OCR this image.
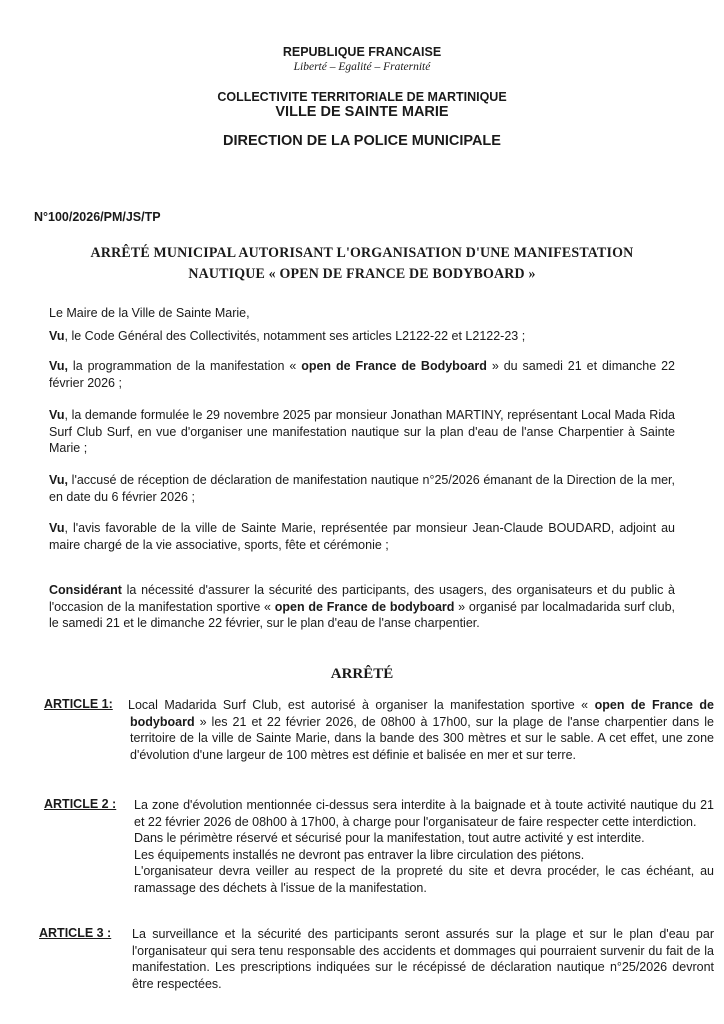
REPUBLIQUE FRANCAISE
Liberté – Egalité – Fraternité
COLLECTIVITE TERRITORIALE DE MARTINIQUE
VILLE DE SAINTE MARIE
DIRECTION DE LA POLICE MUNICIPALE
N°100/2026/PM/JS/TP
ARRÊTÉ MUNICIPAL AUTORISANT L'ORGANISATION D'UNE MANIFESTATION
NAUTIQUE « OPEN DE FRANCE DE BODYBOARD »
Le Maire de la Ville de Sainte Marie,
Vu, le Code Général des Collectivités, notamment ses articles L2122-22 et L2122-23 ;
Vu, la programmation de la manifestation « open de France de Bodyboard » du samedi 21 et dimanche 22 février 2026 ;
Vu, la demande formulée le 29 novembre 2025 par monsieur Jonathan MARTINY, représentant Local Mada Rida Surf Club Surf, en vue d'organiser une manifestation nautique sur la plan d'eau de l'anse Charpentier à Sainte Marie ;
Vu, l'accusé de réception de déclaration de manifestation nautique n°25/2026 émanant de la Direction de la mer, en date du 6 février 2026 ;
Vu, l'avis favorable de la ville de Sainte Marie, représentée par monsieur Jean-Claude BOUDARD, adjoint au maire chargé de la vie associative, sports, fête et cérémonie ;
Considérant la nécessité d'assurer la sécurité des participants, des usagers, des organisateurs et du public à l'occasion de la manifestation sportive « open de France de bodyboard » organisé par localmadarida surf club, le samedi 21 et le dimanche 22 février, sur le plan d'eau de l'anse charpentier.
ARRÊTÉ
ARTICLE 1: Local Madarida Surf Club, est autorisé à organiser la manifestation sportive « open de France de bodyboard » les 21 et 22 février 2026, de 08h00 à 17h00, sur la plage de l'anse charpentier dans le territoire de la ville de Sainte Marie, dans la bande des 300 mètres et sur le sable. A cet effet, une zone d'évolution d'une largeur de 100 mètres est définie et balisée en mer et sur terre.
ARTICLE 2 : La zone d'évolution mentionnée ci-dessus sera interdite à la baignade et à toute activité nautique du 21 et 22 février 2026 de 08h00 à 17h00, à charge pour l'organisateur de faire respecter cette interdiction.
Dans le périmètre réservé et sécurisé pour la manifestation, tout autre activité y est interdite.
Les équipements installés ne devront pas entraver la libre circulation des piétons.
L'organisateur devra veiller au respect de la propreté du site et devra procéder, le cas échéant, au ramassage des déchets à l'issue de la manifestation.
ARTICLE 3 : La surveillance et la sécurité des participants seront assurés sur la plage et sur le plan d'eau par l'organisateur qui sera tenu responsable des accidents et dommages qui pourraient survenir du fait de la manifestation. Les prescriptions indiquées sur le récépissé de déclaration nautique n°25/2026 devront être respectées.
